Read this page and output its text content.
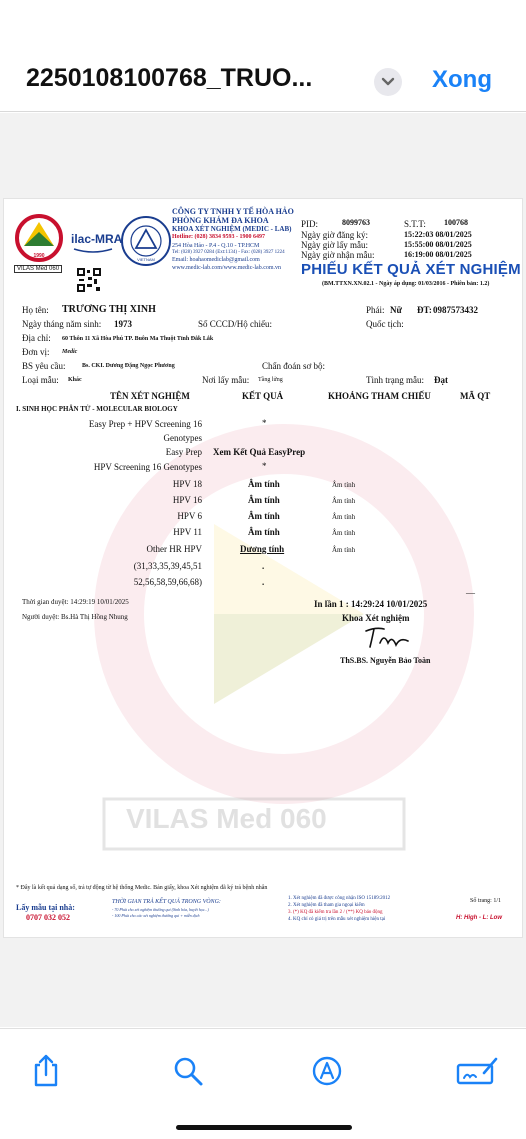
2250108100768_TRUO...	Xong
VILAS Med 060
1990
VILAS Med 060
ilac-MRA
VIETNAM
CÔNG TY TNHH Y TẾ HÒA HẢO
PHÒNG KHÁM ĐA KHOA
KHOA XÉT NGHIỆM (MEDIC - LAB)
Hotline: (028) 3834 9593 - 1900 6497
254 Hòa Hảo - P.4 - Q.10 - TP.HCM
Tel: (028) 3927 0284 (Ext:1134) - Fax: (028) 3927 1224
Email: hoahaomediclab@gmail.com
www.medic-lab.com/www.medic-lab.com.vn
PID:	8099763	S.T.T: 100768
Ngày giờ đăng ký:	15:22:03 08/01/2025
Ngày giờ lấy mẫu:	15:55:00 08/01/2025
Ngày giờ nhận mẫu:	16:19:00 08/01/2025
PHIẾU KẾT QUẢ XÉT NGHIỆM
(BM.TTXN.XN.02.1 - Ngày áp dụng: 01/03/2016 - Phiên bản: 1.2)
Họ tên: TRƯƠNG THỊ XINH	Phái: Nữ ĐT: 0987573432
Ngày tháng năm sinh: 1973	Số CCCD/Hộ chiếu:	Quốc tịch:
Địa chỉ: 60 Thôn 11 Xã Hòa Phú TP. Buôn Ma Thuột Tỉnh Đắk Lắk
Đơn vị: Medic
BS yêu cầu:	Bs. CKI. Dương Đặng Ngọc Phương	Chẩn đoán sơ bộ:
Loại mẫu: Khác	Nơi lấy mẫu: Tầng lửng	Tình trạng mẫu: Đạt
TÊN XÉT NGHIỆM	KẾT QUẢ	KHOẢNG THAM CHIẾU	MÃ QT
I. SINH HỌC PHÂN TỬ - MOLECULAR BIOLOGY
Easy Prep + HPV Screening 16	*
Genotypes
Easy Prep Xem Kết Quả EasyPrep
HPV Screening 16 Genotypes	*
HPV 18	Âm tính	Âm tính
HPV 16	Âm tính	Âm tính
HPV 6	Âm tính	Âm tính
HPV 11	Âm tính	Âm tính
Other HR HPV	Dương tính	Âm tính
(31,33,35,39,45,51	.
52,56,58,59,66,68)	.
—
Thời gian duyệt: 14:29:19 10/01/2025
Người duyệt: Bs.Hà Thị Hồng Nhung
In lần 1 : 14:29:24 10/01/2025
Khoa Xét nghiệm
ThS.BS. Nguyễn Bảo Toàn
* Đây là kết quả dạng số, trả tự động từ hệ thống Medic. Bản giấy, khoa Xét nghiệm đã ký trả bệnh nhân
Lấy mẫu tại nhà:
0707 032 052
THỜI GIAN TRẢ KẾT QUẢ TRONG VÒNG:
- 70 Phút cho xét nghiệm thường qui (Sinh hóa, huyết học...)
- 100 Phút cho các xét nghiệm thường qui + miễn dịch
1. Xét nghiệm đã được công nhận ISO 15189:2012
2. Xét nghiệm đã tham gia ngoại kiểm
3. (*) KQ đã kiểm tra lần 2 / (**) KQ báo động
4. KQ chỉ có giá trị trên mẫu xét nghiệm hiện tại
Số trang: 1/1
H: High - L: Low
